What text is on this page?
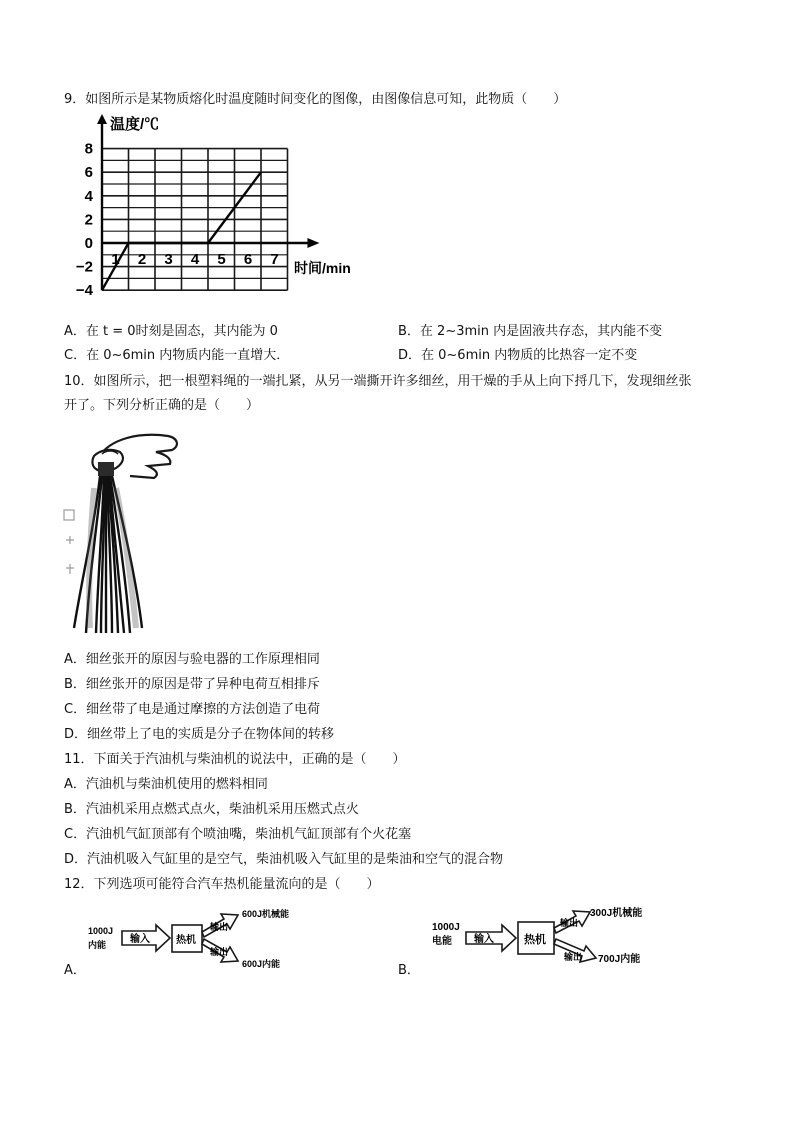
9．如图所示是某物质熔化时温度随时间变化的图像，由图像信息可知，此物质（　　）
温度/℃
时间/min
8
6
4
2
0
−2
−4
1 2 3 4 5 6 7
A．在 t = 0时刻是固态，其内能为 0	B．在 2~3min 内是固液共存态，其内能不变
C．在 0~6min 内物质内能一直增大．	D．在 0~6min 内物质的比热容一定不变
10．如图所示，把一根塑料绳的一端扎紧，从另一端撕开许多细丝，用干燥的手从上向下捋几下，发现细丝张
开了。下列分析正确的是（　　）
A．细丝张开的原因与验电器的工作原理相同
B．细丝张开的原因是带了异种电荷互相排斥
C．细丝带了电是通过摩擦的方法创造了电荷
D．细丝带上了电的实质是分子在物体间的转移
11．下面关于汽油机与柴油机的说法中，正确的是（　　）
A．汽油机与柴油机使用的燃料相同
B．汽油机采用点燃式点火，柴油机采用压燃式点火
C．汽油机气缸顶部有个喷油嘴，柴油机气缸顶部有个火花塞
D．汽油机吸入气缸里的是空气，柴油机吸入气缸里的是柴油和空气的混合物
12．下列选项可能符合汽车热机能量流向的是（　　）
A．
1000J
内能 输入	热机
输出
600J机械能
输出
600J内能	B．
1000J
电能 输入	热机
输出
300J机械能
输出 700J内能
